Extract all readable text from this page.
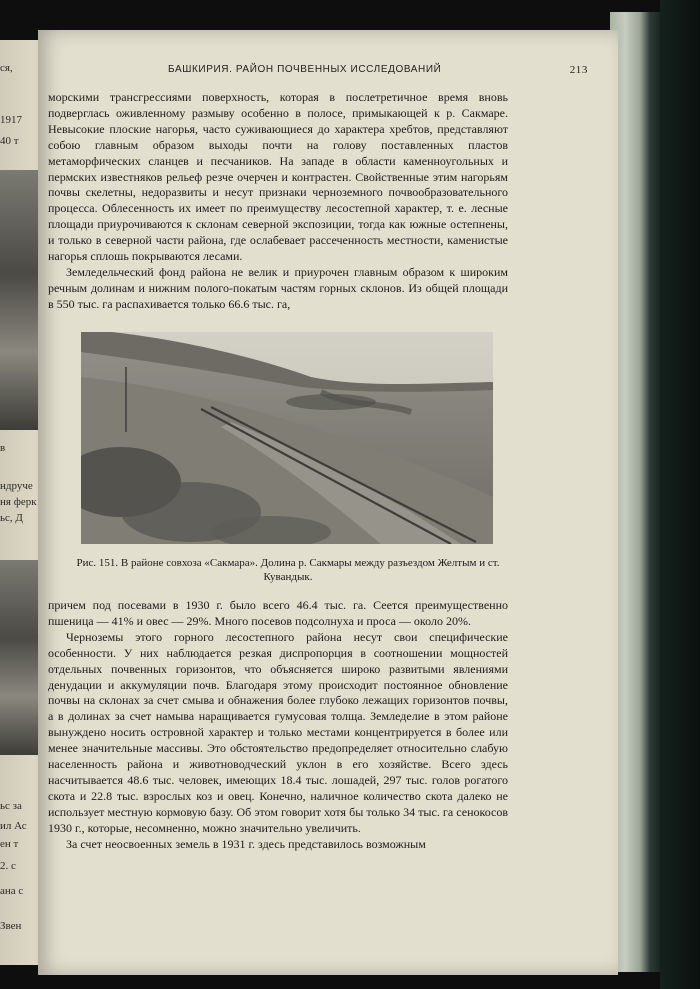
ся,
1917
40 т
в
ндруче
ня ферк
ьс, Д
ьс за
ил Ас
ен т
2. с
ана с
Звен
БАШКИРИЯ. РАЙОН ПОЧВЕННЫХ ИССЛЕДОВАНИЙ	213

морскими трансгрессиями поверхность, которая в послетретичное время вновь подверглась оживленному размыву особенно в полосе, примыкающей к р. Сакмаре. Невысокие плоские нагорья, часто суживающиеся до характера хребтов, представляют собою главным образом выходы почти на голову поставленных пластов метаморфических сланцев и песчаников. На западе в области каменноугольных и пермских известняков рельеф резче очерчен и контрастен. Свойственные этим нагорьям почвы скелетны, недоразвиты и несут признаки черноземного почвообразовательного процесса. Облесенность их имеет по преимуществу лесостепной характер, т. е. лесные площади приурочиваются к склонам северной экспозиции, тогда как южные остепнены, и только в северной части района, где ослабевает рассеченность местности, каменистые нагорья сплошь покрываются лесами.

Земледельческий фонд района не велик и приурочен главным образом к широким речным долинам и нижним полого-покатым частям горных склонов. Из общей площади в 550 тыс. га распахивается только 66.6 тыс. га,

Рис. 151. В районе совхоза «Сакмара». Долина р. Сакмары между разъездом Желтым и ст. Кувандык.

причем под посевами в 1930 г. было всего 46.4 тыс. га. Сеется преимущественно пшеница — 41% и овес — 29%. Много посевов подсолнуха и проса — около 20%.

Черноземы этого горного лесостепного района несут свои специфические особенности. У них наблюдается резкая диспропорция в соотношении мощностей отдельных почвенных горизонтов, что объясняется широко развитыми явлениями денудации и аккумуляции почв. Благодаря этому происходит постоянное обновление почвы на склонах за счет смыва и обнажения более глубоко лежащих горизонтов почвы, а в долинах за счет намыва наращивается гумусовая толща. Земледелие в этом районе вынуждено носить островной характер и только местами концентрируется в более или менее значительные массивы. Это обстоятельство предопределяет относительно слабую населенность района и животноводческий уклон в его хозяйстве. Всего здесь насчитывается 48.6 тыс. человек, имеющих 18.4 тыс. лошадей, 297 тыс. голов рогатого скота и 22.8 тыс. взрослых коз и овец. Конечно, наличное количество скота далеко не использует местную кормовую базу. Об этом говорит хотя бы только 34 тыс. га сенокосов 1930 г., которые, несомненно, можно значительно увеличить.

За счет неосвоенных земель в 1931 г. здесь представилось возможным
